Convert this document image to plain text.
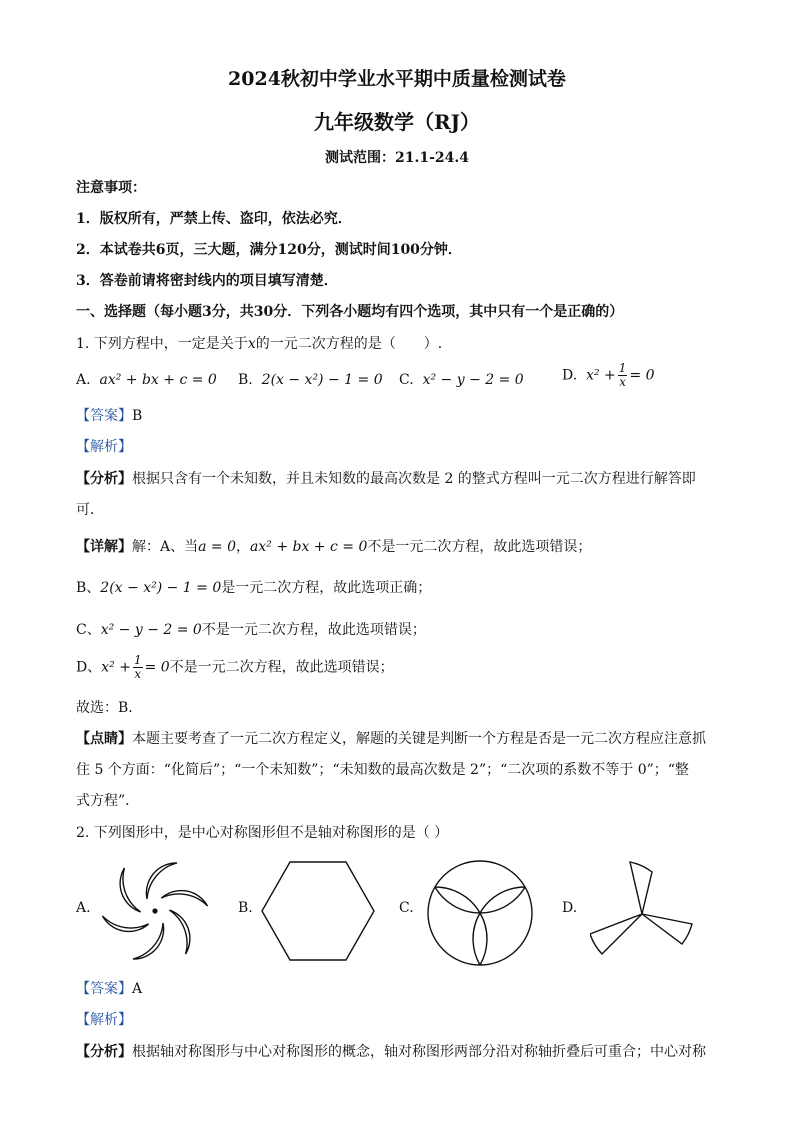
2024秋初中学业水平期中质量检测试卷
九年级数学（RJ）
测试范围：21.1-24.4
注意事项：
1．版权所有，严禁上传、盗印，依法必究．
2．本试卷共6页，三大题，满分120分，测试时间100分钟．
3．答卷前请将密封线内的项目填写清楚．
一、选择题（每小题3分，共30分．下列各小题均有四个选项，其中只有一个是正确的）
1. 下列方程中，一定是关于x的一元二次方程的是（　　）.
A. ax² + bx + c = 0 B. 2(x − x²) − 1 = 0 C. x² − y − 2 = 0	D. $x^2 + \frac{1}{x} = 0$
【答案】B
【解析】
【分析】根据只含有一个未知数，并且未知数的最高次数是 2 的整式方程叫一元二次方程进行解答即
可．
【详解】解：A、当a = 0，ax² + bx + c = 0不是一元二次方程，故此选项错误；
B、2(x − x²) − 1 = 0是一元二次方程，故此选项正确；
C、x² − y − 2 = 0不是一元二次方程，故此选项错误；
D、$x^2 + \frac{1}{x} = 0$不是一元二次方程，故此选项错误；
故选：B．
【点睛】本题主要考查了一元二次方程定义，解题的关键是判断一个方程是否是一元二次方程应注意抓
住 5 个方面：“化简后”；“一个未知数”；“未知数的最高次数是 2”；“二次项的系数不等于 0”；“整
式方程”．
2. 下列图形中，是中心对称图形但不是轴对称图形的是（ ）
A.	B.	C.	D.
【答案】A
【解析】
【分析】根据轴对称图形与中心对称图形的概念，轴对称图形两部分沿对称轴折叠后可重合；中心对称
